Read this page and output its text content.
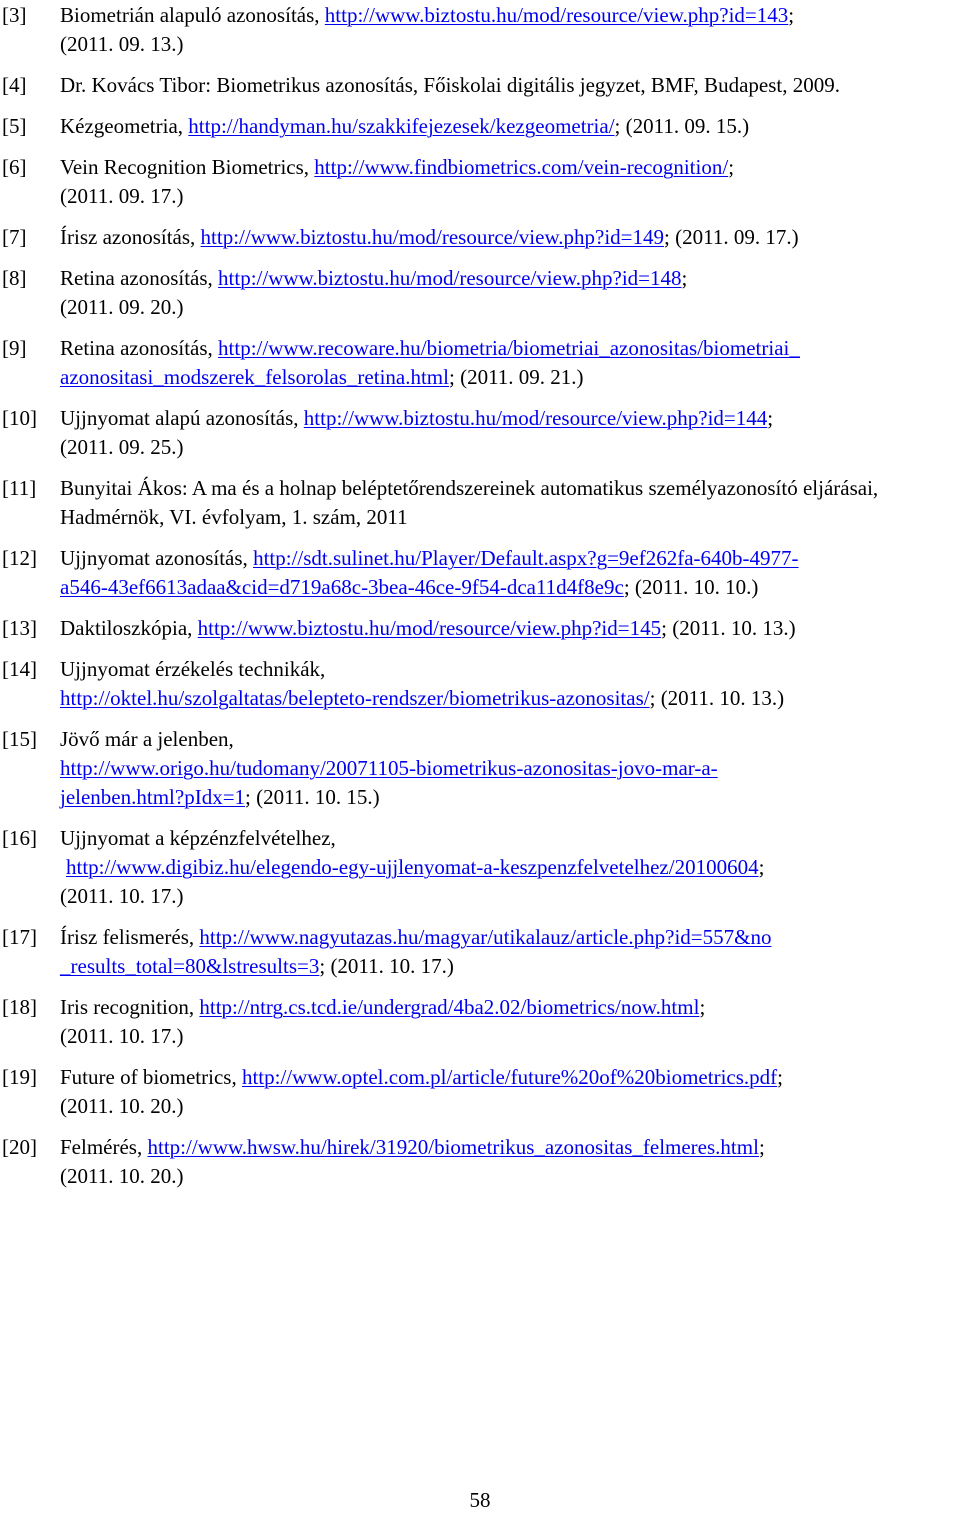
[3] Biometrián alapuló azonosítás, http://www.biztostu.hu/mod/resource/view.php?id=143;
(2011. 09. 13.)
[4] Dr. Kovács Tibor: Biometrikus azonosítás, Főiskolai digitális jegyzet, BMF, Budapest, 2009.
[5] Kézgeometria, http://handyman.hu/szakkifejezesek/kezgeometria/; (2011. 09. 15.)
[6] Vein Recognition Biometrics, http://www.findbiometrics.com/vein-recognition/;
(2011. 09. 17.)
[7] Írisz azonosítás, http://www.biztostu.hu/mod/resource/view.php?id=149; (2011. 09. 17.)
[8] Retina azonosítás, http://www.biztostu.hu/mod/resource/view.php?id=148;
(2011. 09. 20.)
[9] Retina azonosítás, http://www.recoware.hu/biometria/biometriai_azonositas/biometriai_
azonositasi_modszerek_felsorolas_retina.html; (2011. 09. 21.)
[10] Ujjnyomat alapú azonosítás, http://www.biztostu.hu/mod/resource/view.php?id=144;
(2011. 09. 25.)
[11] Bunyitai Ákos: A ma és a holnap beléptetőrendszereinek automatikus személyazonosító eljárásai, Hadmérnök, VI. évfolyam, 1. szám, 2011
[12] Ujjnyomat azonosítás, http://sdt.sulinet.hu/Player/Default.aspx?g=9ef262fa-640b-4977-
a546-43ef6613adaa&cid=d719a68c-3bea-46ce-9f54-dca11d4f8e9c; (2011. 10. 10.)
[13] Daktiloszkópia, http://www.biztostu.hu/mod/resource/view.php?id=145; (2011. 10. 13.)
[14] Ujjnyomat érzékelés technikák,
http://oktel.hu/szolgaltatas/belepteto-rendszer/biometrikus-azonositas/; (2011. 10. 13.)
[15] Jövő már a jelenben,
http://www.origo.hu/tudomany/20071105-biometrikus-azonositas-jovo-mar-a-
jelenben.html?pIdx=1; (2011. 10. 15.)
[16] Ujjnyomat a képzénzfelvételhez,
http://www.digibiz.hu/elegendo-egy-ujjlenyomat-a-keszpenzfelvetelhez/20100604;
(2011. 10. 17.)
[17] Írisz felismerés, http://www.nagyutazas.hu/magyar/utikalauz/article.php?id=557&no
_results_total=80&lstresults=3; (2011. 10. 17.)
[18] Iris recognition, http://ntrg.cs.tcd.ie/undergrad/4ba2.02/biometrics/now.html;
(2011. 10. 17.)
[19] Future of biometrics, http://www.optel.com.pl/article/future%20of%20biometrics.pdf;
(2011. 10. 20.)
[20] Felmérés, http://www.hwsw.hu/hirek/31920/biometrikus_azonositas_felmeres.html;
(2011. 10. 20.)
58
